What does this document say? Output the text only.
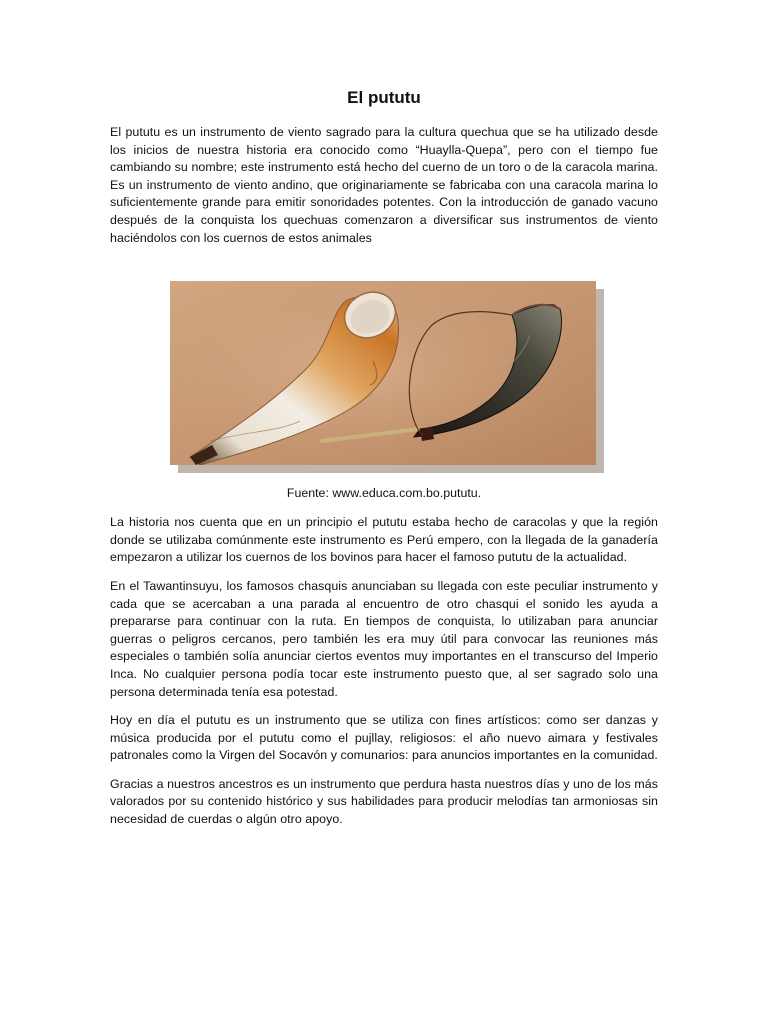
El pututu

El pututu es un instrumento de viento sagrado para la cultura quechua que se ha utilizado desde los inicios de nuestra historia era conocido como “Huaylla-Quepa”, pero con el tiempo fue cambiando su nombre; este instrumento está hecho del cuerno de un toro o de la caracola marina. Es un instrumento de viento andino, que originariamente se fabricaba con una caracola marina lo suficientemente grande para emitir sonoridades potentes. Con la introducción de ganado vacuno después de la conquista los quechuas comenzaron a diversificar sus instrumentos de viento haciéndolos con los cuernos de estos animales

Fuente: www.educa.com.bo.pututu.

La historia nos cuenta que en un principio el pututu estaba hecho de caracolas y que la región donde se utilizaba comúnmente este instrumento es Perú empero, con la llegada de la ganadería empezaron a utilizar los cuernos de los bovinos para hacer el famoso pututu de la actualidad.

En el Tawantinsuyu, los famosos chasquis anunciaban su llegada con este peculiar instrumento y cada que se acercaban a una parada al encuentro de otro chasqui el sonido les ayuda a prepararse para continuar con la ruta. En tiempos de conquista, lo utilizaban para anunciar guerras o peligros cercanos, pero también les era muy útil para convocar las reuniones más especiales o también solía anunciar ciertos eventos muy importantes en el transcurso del Imperio Inca. No cualquier persona podía tocar este instrumento puesto que, al ser sagrado solo una persona determinada tenía esa potestad.

Hoy en día el pututu es un instrumento que se utiliza con fines artísticos: como ser danzas y música producida por el pututu como el pujllay, religiosos: el año nuevo aimara y festivales patronales como la Virgen del Socavón y comunarios: para anuncios importantes en la comunidad.

Gracias a nuestros ancestros es un instrumento que perdura hasta nuestros días y uno de los más valorados por su contenido histórico y sus habilidades para producir melodías tan armoniosas sin necesidad de cuerdas o algún otro apoyo.
